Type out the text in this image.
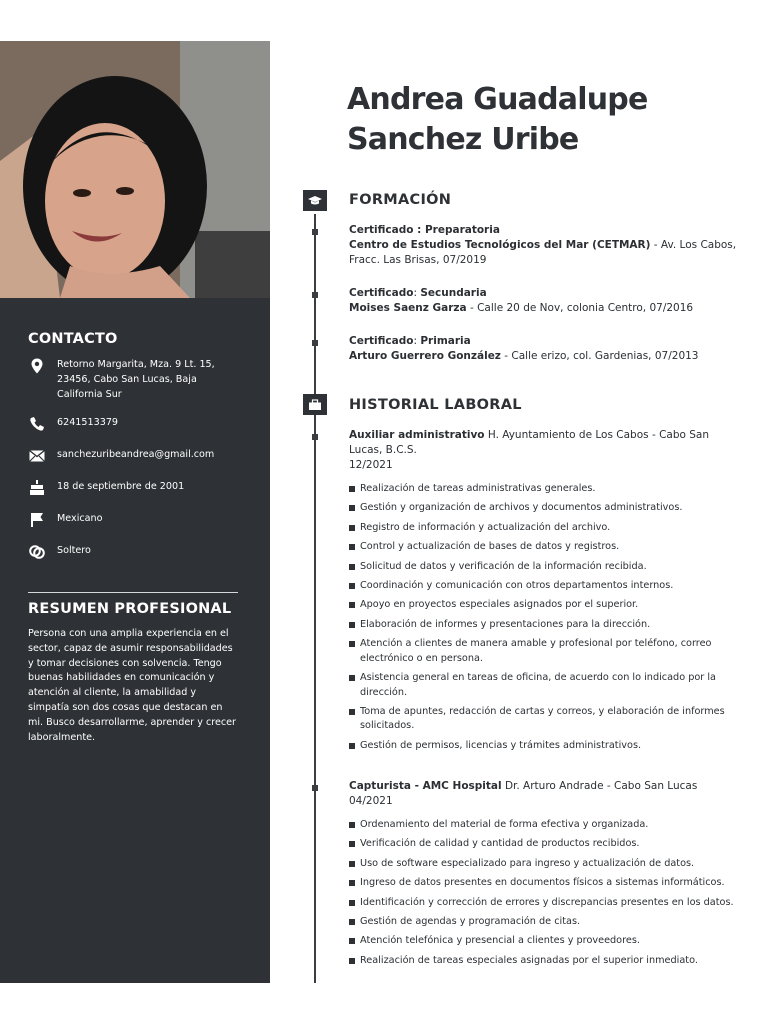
CONTACTO
Retorno Margarita, Mza. 9 Lt. 15, 23456, Cabo San Lucas, Baja California Sur
6241513379
sanchezuribeandrea@gmail.com
18 de septiembre de 2001
Mexicano
Soltero
RESUMEN PROFESIONAL
Persona con una amplia experiencia en el sector, capaz de asumir responsabilidades y tomar decisiones con solvencia. Tengo buenas habilidades en comunicación y atención al cliente, la amabilidad y simpatía son dos cosas que destacan en mi. Busco desarrollarme, aprender y crecer laboralmente.
Andrea Guadalupe
Sanchez Uribe
FORMACIÓN
Certificado : Preparatoria
Centro de Estudios Tecnológicos del Mar (CETMAR) - Av. Los Cabos, Fracc. Las Brisas, 07/2019
Certificado: Secundaria
Moises Saenz Garza - Calle 20 de Nov, colonia Centro, 07/2016
Certificado: Primaria
Arturo Guerrero González - Calle erizo, col. Gardenias, 07/2013
HISTORIAL LABORAL
Auxiliar administrativo H. Ayuntamiento de Los Cabos - Cabo San Lucas, B.C.S.
12/2021
Realización de tareas administrativas generales.
Gestión y organización de archivos y documentos administrativos.
Registro de información y actualización del archivo.
Control y actualización de bases de datos y registros.
Solicitud de datos y verificación de la información recibida.
Coordinación y comunicación con otros departamentos internos.
Apoyo en proyectos especiales asignados por el superior.
Elaboración de informes y presentaciones para la dirección.
Atención a clientes de manera amable y profesional por teléfono, correo electrónico o en persona.
Asistencia general en tareas de oficina, de acuerdo con lo indicado por la dirección.
Toma de apuntes, redacción de cartas y correos, y elaboración de informes solicitados.
Gestión de permisos, licencias y trámites administrativos.
Capturista - AMC Hospital Dr. Arturo Andrade - Cabo San Lucas
04/2021
Ordenamiento del material de forma efectiva y organizada.
Verificación de calidad y cantidad de productos recibidos.
Uso de software especializado para ingreso y actualización de datos.
Ingreso de datos presentes en documentos físicos a sistemas informáticos.
Identificación y corrección de errores y discrepancias presentes en los datos.
Gestión de agendas y programación de citas.
Atención telefónica y presencial a clientes y proveedores.
Realización de tareas especiales asignadas por el superior inmediato.
